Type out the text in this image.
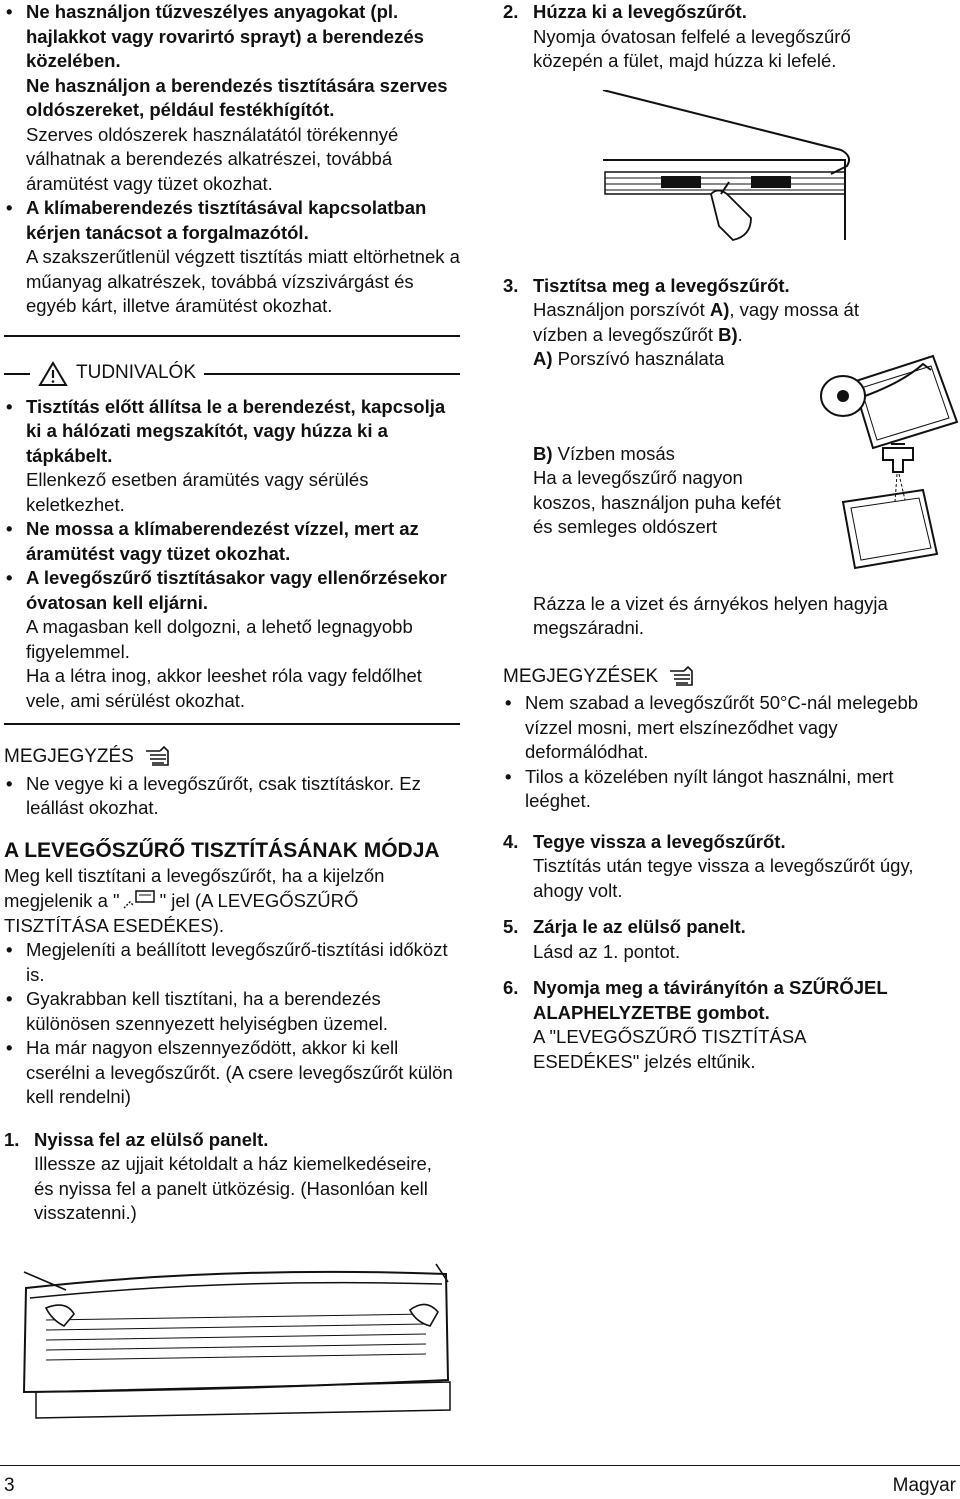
• Ne használjon tűzveszélyes anyagokat (pl. hajlakkot vagy rovarirtó sprayt) a berendezés közelében.
Ne használjon a berendezés tisztítására szerves oldószereket, például festékhígítót.
Szerves oldószerek használatától törékennyé válhatnak a berendezés alkatrészei, továbbá áramütést vagy tüzet okozhat.
• A klímaberendezés tisztításával kapcsolatban kérjen tanácsot a forgalmazótól.
A szakszerűtlenül végzett tisztítás miatt eltörhetnek a műanyag alkatrészek, továbbá vízszivárgást és egyéb kárt, illetve áramütést okozhat.
TUDNIVALÓK
• Tisztítás előtt állítsa le a berendezést, kapcsolja ki a hálózati megszakítót, vagy húzza ki a tápkábelt.
Ellenkező esetben áramütés vagy sérülés keletkezhet.
• Ne mossa a klímaberendezést vízzel, mert az áramütést vagy tüzet okozhat.
• A levegőszűrő tisztításakor vagy ellenőrzésekor óvatosan kell eljárni.
A magasban kell dolgozni, a lehető legnagyobb figyelemmel.
Ha a létra inog, akkor leeshet róla vagy feldőlhet vele, ami sérülést okozhat.
MEGJEGYZÉS
• Ne vegye ki a levegőszűrőt, csak tisztításkor. Ez leállást okozhat.
A LEVEGŐSZŰRŐ TISZTÍTÁSÁNAK MÓDJA
Meg kell tisztítani a levegőszűrőt, ha a kijelzőn megjelenik a " " jel (A LEVEGŐSZŰRŐ TISZTÍTÁSA ESEDÉKES).
• Megjeleníti a beállított levegőszűrő-tisztítási időközt is.
• Gyakrabban kell tisztítani, ha a berendezés különösen szennyezett helyiségben üzemel.
• Ha már nagyon elszennyeződött, akkor ki kell cserélni a levegőszűrőt. (A csere levegőszűrőt külön kell rendelni)
1. Nyissa fel az elülső panelt.
Illessze az ujjait kétoldalt a ház kiemelkedéseire, és nyissa fel a panelt ütközésig. (Hasonlóan kell visszatenni.)
2. Húzza ki a levegőszűrőt.
Nyomja óvatosan felfelé a levegőszűrő közepén a fület, majd húzza ki lefelé.
3. Tisztítsa meg a levegőszűrőt.
Használjon porszívót A), vagy mossa át vízben a levegőszűrőt B).
A) Porszívó használata
B) Vízben mosás
Ha a levegőszűrő nagyon koszos, használjon puha kefét és semleges oldószert
Rázza le a vizet és árnyékos helyen hagyja megszáradni.
MEGJEGYZÉSEK
• Nem szabad a levegőszűrőt 50°C-nál melegebb vízzel mosni, mert elszíneződhet vagy deformálódhat.
• Tilos a közelében nyílt lángot használni, mert leéghet.
4. Tegye vissza a levegőszűrőt.
Tisztítás után tegye vissza a levegőszűrőt úgy, ahogy volt.
5. Zárja le az elülső panelt.
Lásd az 1. pontot.
6. Nyomja meg a távirányítón a SZŰRŐJEL ALAPHELYZETBE gombot.
A "LEVEGŐSZŰRŐ TISZTÍTÁSA ESEDÉKES" jelzés eltűnik.
3	Magyar
